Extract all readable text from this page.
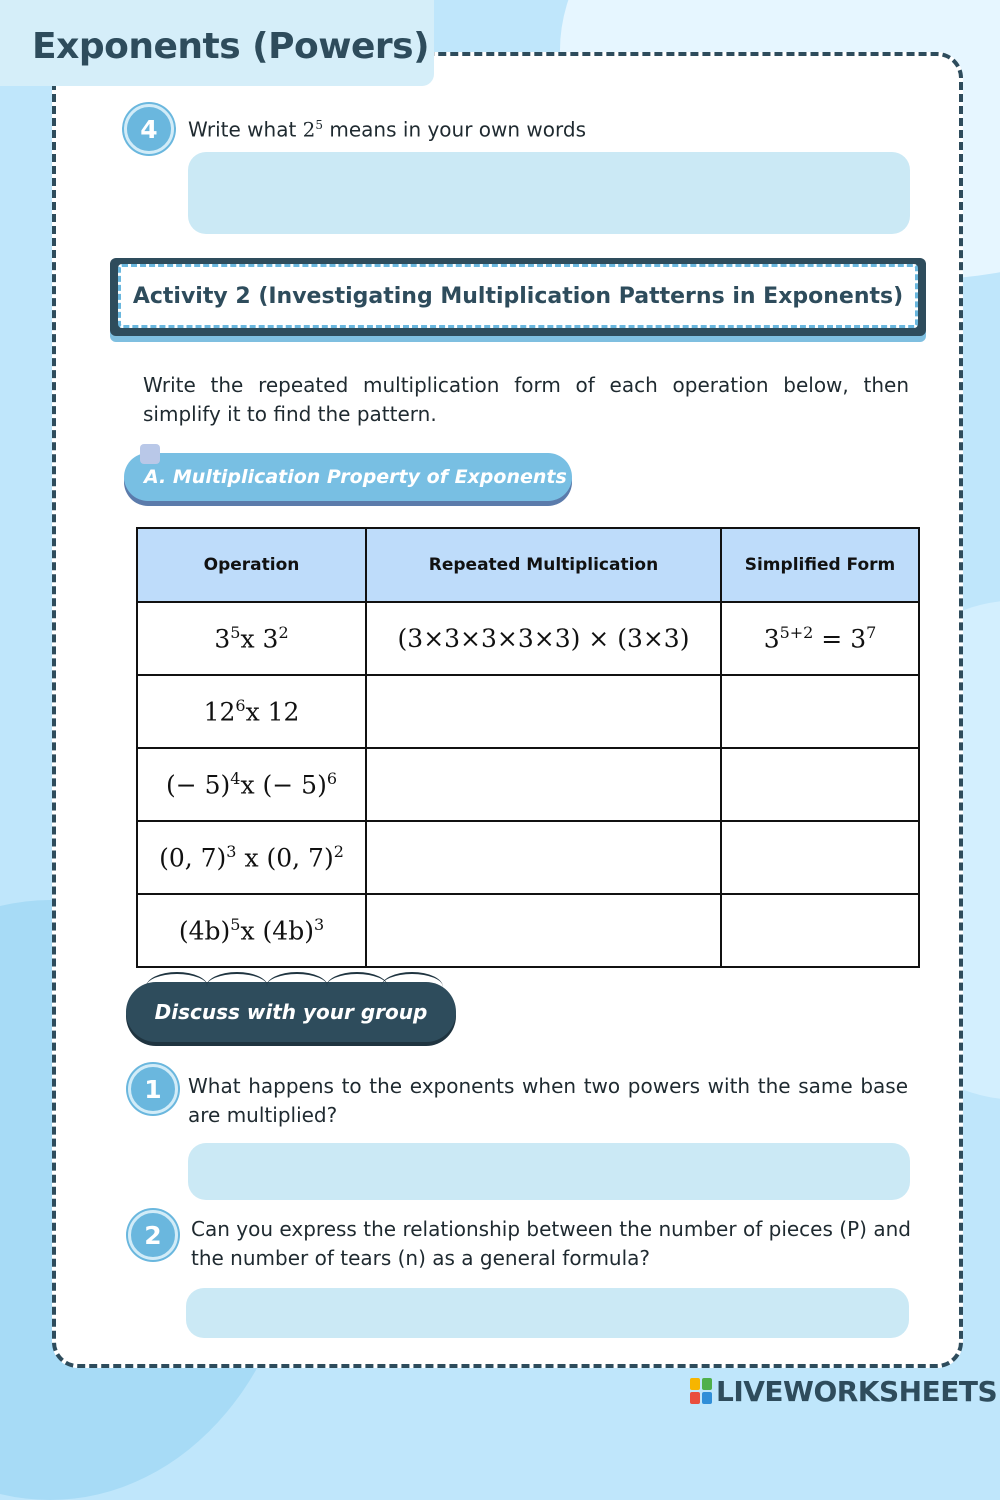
Exponents (Powers)
4	Write what $2^5$ means in your own words
Activity 2 (Investigating Multiplication Patterns in Exponents)
Write the repeated multiplication form of each operation below, then simplify it to find the pattern.
A. Multiplication Property of Exponents
Operation	Repeated Multiplication	Simplified Form
$3^5x$ $3^2$	(3×3×3×3×3) × (3×3)	$3^{5+2} = 3^7$
$12^6x$ 12		
(− 5)$^4$x (− 5)$^6$		
(0, 7)$^3$ x (0, 7)$^2$		
$(4b)^5x$ $(4b)^3$		
Discuss with your group
1	What happens to the exponents when two powers with the same base are multiplied?
2	Can you express the relationship between the number of pieces (P) and the number of tears (n) as a general formula?
LIVEWORKSHEETS
